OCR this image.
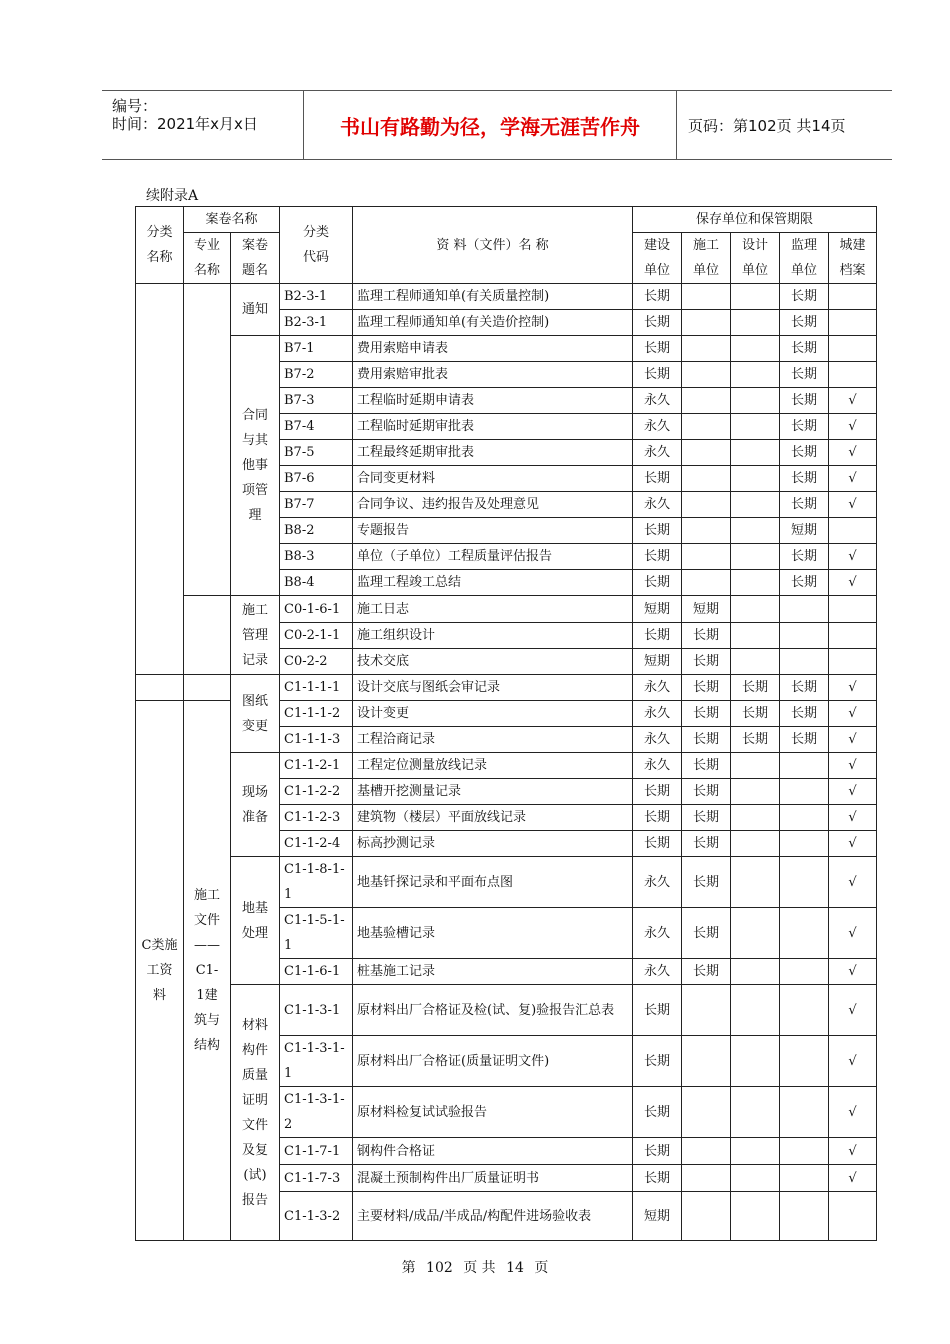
编号：
时间：2021年x月x日	书山有路勤为径，学海无涯苦作舟	页码：第102页 共14页
续附录A
分类名称	案卷名称		分类代码	资 料（文件）名 称	保存单位和保管期限				

	专业名称	案卷题名			建设单位	施工单位	设计单位	监理单位	城建档案

		通知	B2-3-1	监理工程师通知单(有关质量控制)	长期			长期	
			B2-3-1	监理工程师通知单(有关造价控制)	长期			长期	

		合同与其他事项管理	B7-1	费用索赔申请表	长期			长期	
			B7-2	费用索赔审批表	长期			长期	
			B7-3	工程临时延期申请表	永久			长期	√
			B7-4	工程临时延期审批表	永久			长期	√
			B7-5	工程最终延期审批表	永久			长期	√
			B7-6	合同变更材料	长期			长期	√
			B7-7	合同争议、违约报告及处理意见	永久			长期	√
			B8-2	专题报告	长期			短期	
			B8-3	单位（子单位）工程质量评估报告	长期			长期	√
			B8-4	监理工程竣工总结	长期			长期	√

		施工管理记录	C0-1-6-1	施工日志	短期	短期			
			C0-2-1-1	施工组织设计	长期	长期			
			C0-2-2	技术交底	短期	长期			

		图纸变更	C1-1-1-1	设计交底与图纸会审记录	永久	长期	长期	长期	√

C类施工资料	施工文件——C1-1建筑与结构		C1-1-1-2	设计变更	永久	长期	长期	长期	√
			C1-1-1-3	工程洽商记录	永久	长期	长期	长期	√

		现场准备	C1-1-2-1	工程定位测量放线记录	永久	长期			√
			C1-1-2-2	基槽开挖测量记录	长期	长期			√
			C1-1-2-3	建筑物（楼层）平面放线记录	长期	长期			√
			C1-1-2-4	标高抄测记录	长期	长期			√

		地基处理	C1-1-8-1-1	地基钎探记录和平面布点图	永久	长期			√
			C1-1-5-1-1	地基验槽记录	永久	长期			√
			C1-1-6-1	桩基施工记录	永久	长期			√

		材料构件质量证明文件及复(试)报告	C1-1-3-1	原材料出厂合格证及检(试、复)验报告汇总表	长期				√
			C1-1-3-1-1	原材料出厂合格证(质量证明文件)	长期				√
			C1-1-3-1-2	原材料检复试试验报告	长期				√
			C1-1-7-1	钢构件合格证	长期				√
			C1-1-7-3	混凝土预制构件出厂质量证明书	长期				√
			C1-1-3-2	主要材料/成品/半成品/构配件进场验收表	短期				
第 102 页 共 14 页
